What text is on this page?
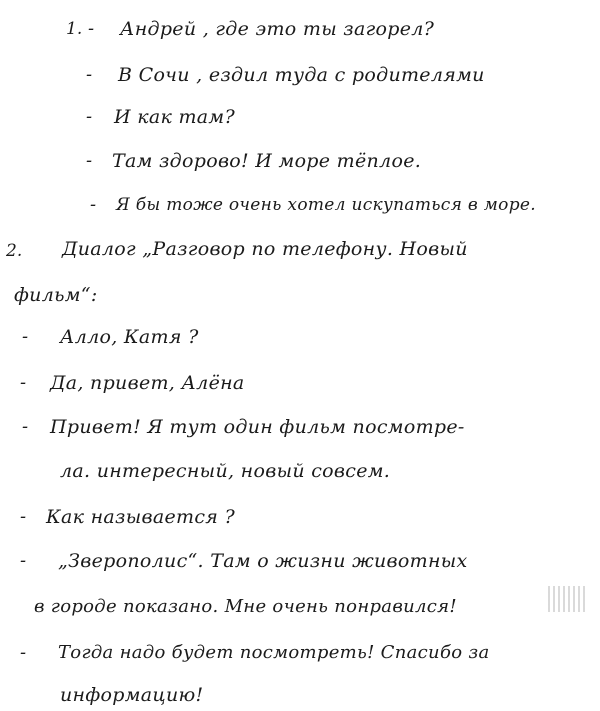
1. - Андрей , где это ты загорел?
- В Сочи , ездил туда с родителями
- И как там?
- Там здорово! И море тёплое.
- Я бы тоже очень хотел искупаться в море.
2. Диалог „Разговор по телефону. Новый
фильм“:
- Алло, Катя ?
- Да, привет, Алёна
- Привет! Я тут один фильм посмотре-
ла. интересный, новый совсем.
- Как называется ?
- „Зверополис“. Там о жизни животных
в городе показано. Мне очень понравился!
- Тогда надо будет посмотреть! Спасибо за
информацию!
